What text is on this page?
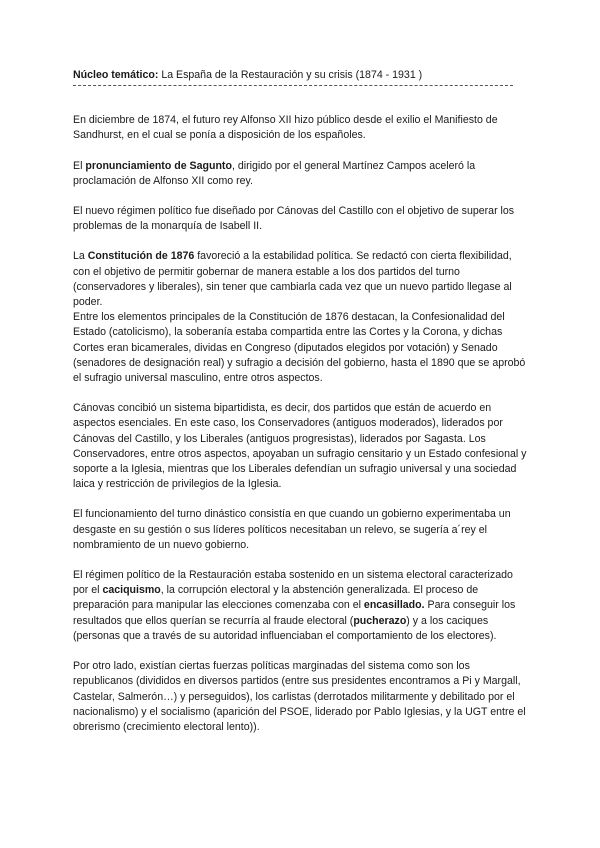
Núcleo temático: La España de la Restauración y su crisis (1874 - 1931 )

En diciembre de 1874, el futuro rey Alfonso XII hizo público desde el exilio el Manifiesto de Sandhurst, en el cual se ponía a disposición de los españoles.

El pronunciamiento de Sagunto, dirigido por el general Martínez Campos aceleró la proclamación de Alfonso XII como rey.

El nuevo régimen político fue diseñado por Cánovas del Castillo con el objetivo de superar los problemas de la monarquía de Isabell II.

La Constitución de 1876 favoreció a la estabilidad política. Se redactó con cierta flexibilidad, con el objetivo de permitir gobernar de manera estable a los dos partidos del turno (conservadores y liberales), sin tener que cambiarla cada vez que un nuevo partido llegase al poder.

Entre los elementos principales de la Constitución de 1876 destacan, la Confesionalidad del Estado (catolicismo), la soberanía estaba compartida entre las Cortes y la Corona, y dichas Cortes eran bicamerales, dividas en Congreso (diputados elegidos por votación) y Senado (senadores de designación real) y sufragio a decisión del gobierno, hasta el 1890 que se aprobó el sufragio universal masculino, entre otros aspectos.

Cánovas concibió un sistema bipartidista, es decir, dos partidos que están de acuerdo en aspectos esenciales. En este caso, los Conservadores (antiguos moderados), liderados por Cánovas del Castillo, y los Liberales (antiguos progresistas), liderados por Sagasta. Los Conservadores, entre otros aspectos, apoyaban un sufragio censitario y un Estado confesional y soporte a la Iglesia, mientras que los Liberales defendían un sufragio universal y una sociedad laica y restricción de privilegios de la Iglesia.

El funcionamiento del turno dinástico consistía en que cuando un gobierno experimentaba un desgaste en su gestión o sus líderes políticos necesitaban un relevo, se sugería a´rey el nombramiento de un nuevo gobierno.

El régimen político de la Restauración estaba sostenido en un sistema electoral caracterizado por el caciquismo, la corrupción electoral y la abstención generalizada. El proceso de preparación para manipular las elecciones comenzaba con el encasillado. Para conseguir los resultados que ellos querían se recurría al fraude electoral (pucherazo) y a los caciques (personas que a través de su autoridad influenciaban el comportamiento de los electores).

Por otro lado, existían ciertas fuerzas políticas marginadas del sistema como son los republicanos (divididos en diversos partidos (entre sus presidentes encontramos a Pi y Margall, Castelar, Salmerón…) y perseguidos), los carlistas (derrotados militarmente y debilitado por el nacionalismo) y el socialismo (aparición del PSOE, liderado por Pablo Iglesias, y la UGT entre el obrerismo (crecimiento electoral lento)).
